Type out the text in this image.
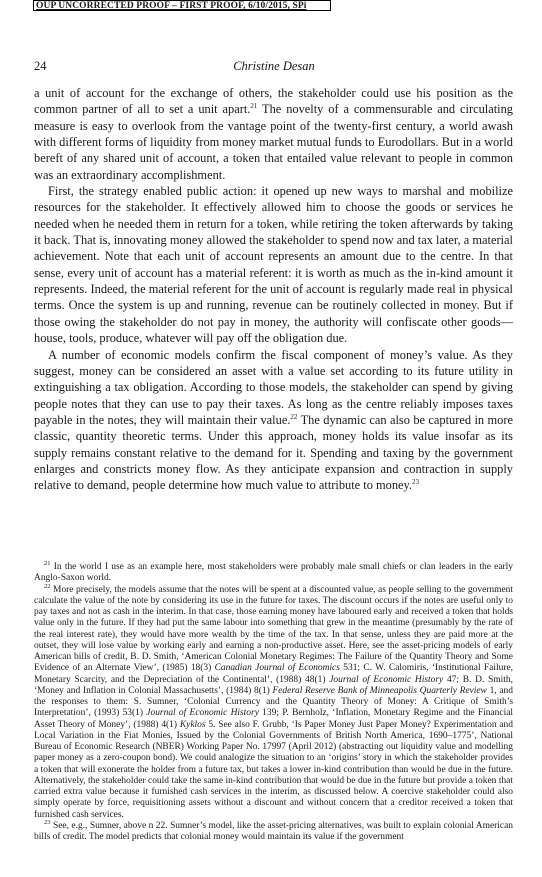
OUP UNCORRECTED PROOF – FIRST PROOF, 6/10/2015, SPi
24	Christine Desan

a unit of account for the exchange of others, the stakeholder could use his position as the common partner of all to set a unit apart.$^{21}$ The novelty of a commensurable and circulating measure is easy to overlook from the vantage point of the twenty-first century, a world awash with different forms of liquidity from money market mutual funds to Eurodollars. But in a world bereft of any shared unit of account, a token that entailed value relevant to people in common was an extraordinary accomplishment.

First, the strategy enabled public action: it opened up new ways to marshal and mobilize resources for the stakeholder. It effectively allowed him to choose the goods or services he needed when he needed them in return for a token, while retiring the token afterwards by taking it back. That is, innovating money allowed the stakeholder to spend now and tax later, a material achievement. Note that each unit of account represents an amount due to the centre. In that sense, every unit of account has a material referent: it is worth as much as the in-kind amount it represents. Indeed, the material referent for the unit of account is regularly made real in physical terms. Once the system is up and running, revenue can be routinely collected in money. But if those owing the stakeholder do not pay in money, the authority will confiscate other goods—house, tools, produce, whatever will pay off the obligation due.

A number of economic models confirm the fiscal component of money’s value. As they suggest, money can be considered an asset with a value set according to its future utility in extinguishing a tax obligation. According to those models, the stakeholder can spend by giving people notes that they can use to pay their taxes. As long as the centre reliably imposes taxes payable in the notes, they will maintain their value.$^{22}$ The dynamic can also be captured in more classic, quantity theoretic terms. Under this approach, money holds its value insofar as its supply remains constant relative to the demand for it. Spending and taxing by the government enlarges and constricts money flow. As they anticipate expansion and contraction in supply relative to demand, people determine how much value to attribute to money.$^{23}$

$^{21}$ In the world I use as an example here, most stakeholders were probably male small chiefs or clan leaders in the early Anglo-Saxon world.

$^{22}$ More precisely, the models assume that the notes will be spent at a discounted value, as people selling to the government calculate the value of the note by considering its use in the future for taxes. The discount occurs if the notes are useful only to pay taxes and not as cash in the interim. In that case, those earning money have laboured early and received a token that holds value only in the future. If they had put the same labour into something that grew in the meantime (presumably by the rate of the real interest rate), they would have more wealth by the time of the tax. In that sense, unless they are paid more at the outset, they will lose value by working early and earning a non-productive asset. Here, see the asset-pricing models of early American bills of credit, B. D. Smith, ‘American Colonial Monetary Regimes: The Failure of the Quantity Theory and Some Evidence of an Alternate View’, (1985) 18(3) Canadian Journal of Economics 531; C. W. Calomiris, ‘Institutional Failure, Monetary Scarcity, and the Depreciation of the Continental’, (1988) 48(1) Journal of Economic History 47; B. D. Smith, ‘Money and Inflation in Colonial Massachusetts’, (1984) 8(1) Federal Reserve Bank of Minneapolis Quarterly Review 1, and the responses to them: S. Sumner, ‘Colonial Currency and the Quantity Theory of Money: A Critique of Smith’s Interpretation’, (1993) 53(1) Journal of Economic History 139; P. Bernholz, ‘Inflation, Monetary Regime and the Financial Asset Theory of Money’, (1988) 4(1) Kyklos 5. See also F. Grubb, ‘Is Paper Money Just Paper Money? Experimentation and Local Variation in the Fiat Monies, Issued by the Colonial Governments of British North America, 1690–1775’, National Bureau of Economic Research (NBER) Working Paper No. 17997 (April 2012) (abstracting out liquidity value and modelling paper money as a zero-coupon bond). We could analogize the situation to an ‘origins’ story in which the stakeholder provides a token that will exonerate the holder from a future tax, but takes a lower in-kind contribution than would be due in the future. Alternatively, the stakeholder could take the same in-kind contribution that would be due in the future but provide a token that carried extra value because it furnished cash services in the interim, as discussed below. A coercive stakeholder could also simply operate by force, requisitioning assets without a discount and without concern that a creditor received a token that furnished cash services.

$^{23}$ See, e.g., Sumner, above n 22. Sumner’s model, like the asset-pricing alternatives, was built to explain colonial American bills of credit. The model predicts that colonial money would maintain its value if the government
